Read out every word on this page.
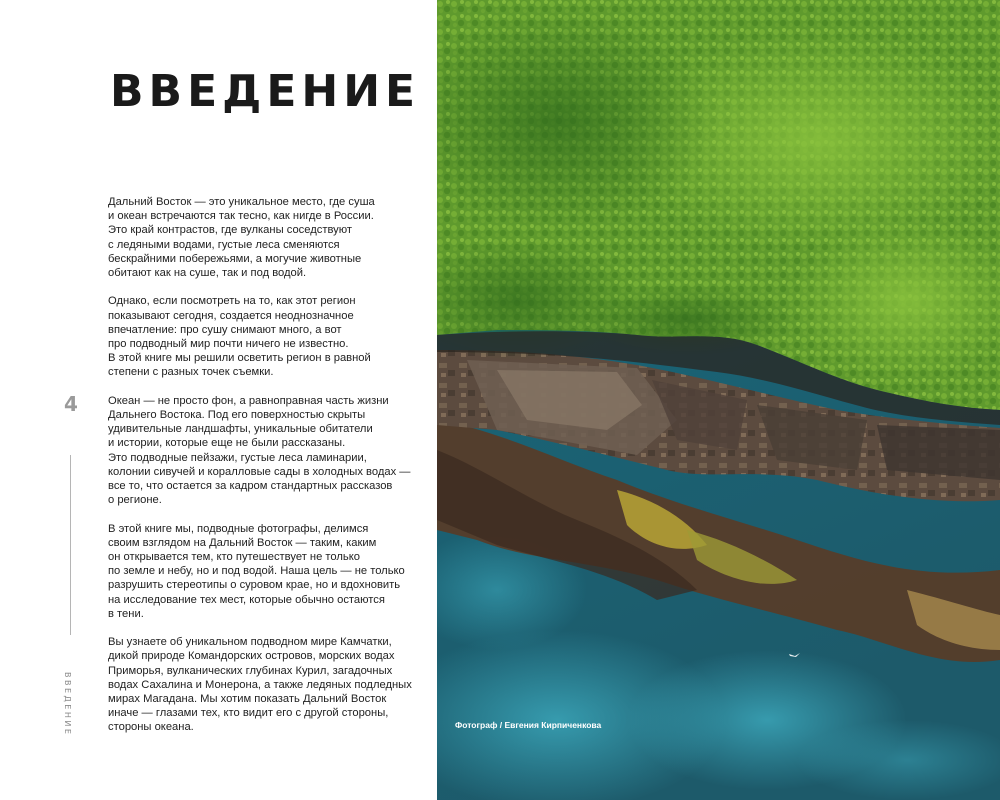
ВВЕДЕНИЕ

Дальний Восток — это уникальное место, где суша
и океан встречаются так тесно, как нигде в России.
Это край контрастов, где вулканы соседствуют
с ледяными водами, густые леса сменяются
бескрайними побережьями, а могучие животные
обитают как на суше, так и под водой.

Однако, если посмотреть на то, как этот регион
показывают сегодня, создается неоднозначное
впечатление: про сушу снимают много, а вот
про подводный мир почти ничего не известно.
В этой книге мы решили осветить регион в равной
степени с разных точек съемки.

Океан — не просто фон, а равноправная часть жизни
Дальнего Востока. Под его поверхностью скрыты
удивительные ландшафты, уникальные обитатели
и истории, которые еще не были рассказаны.
Это подводные пейзажи, густые леса ламинарии,
колонии сивучей и коралловые сады в холодных водах —
все то, что остается за кадром стандартных рассказов
о регионе.

В этой книге мы, подводные фотографы, делимся
своим взглядом на Дальний Восток — таким, каким
он открывается тем, кто путешествует не только
по земле и небу, но и под водой. Наша цель — не только
разрушить стереотипы о суровом крае, но и вдохновить
на исследование тех мест, которые обычно остаются
в тени.

Вы узнаете об уникальном подводном мире Камчатки,
дикой природе Командорских островов, морских водах
Приморья, вулканических глубинах Курил, загадочных
водах Сахалина и Монерона, а также ледяных подледных
мирах Магадана. Мы хотим показать Дальний Восток
иначе — глазами тех, кто видит его с другой стороны,
стороны океана.

4
ВВЕДЕНИЕ	Фотограф / Евгения Кирпиченкова
